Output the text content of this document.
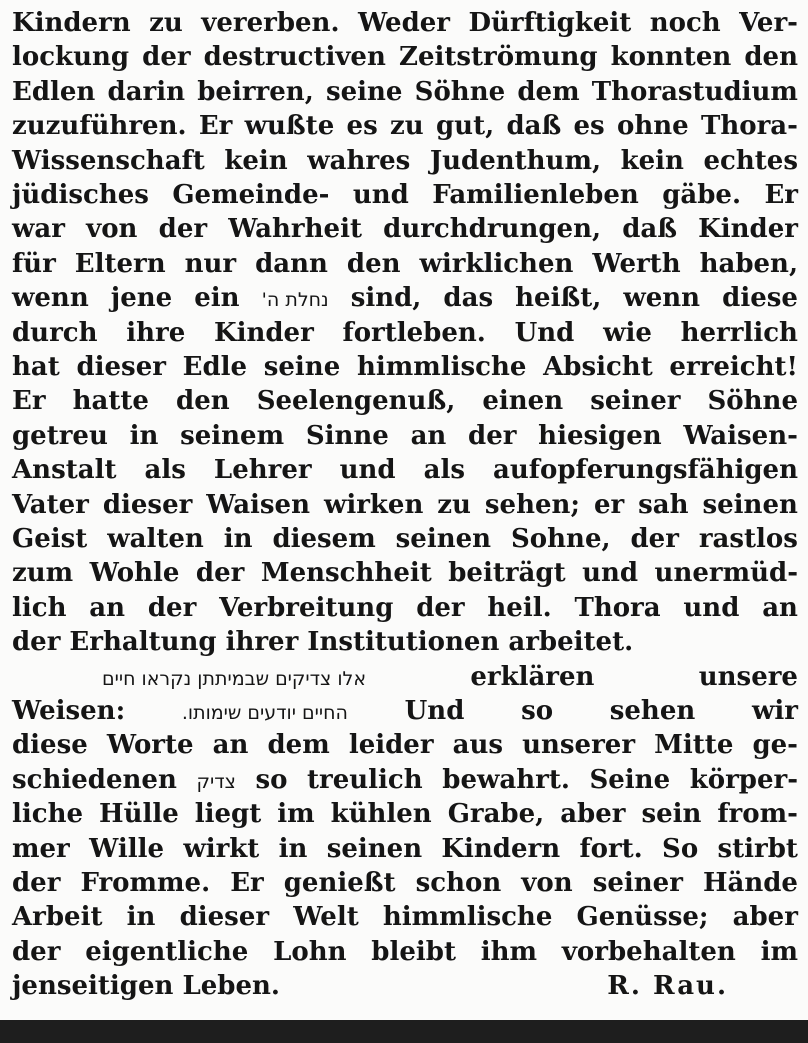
Kindern zu vererben. Weder Dürftigkeit noch Ver-
lockung der destructiven Zeitströmung konnten den
Edlen darin beirren, seine Söhne dem Thorastudium
zuzuführen. Er wußte es zu gut, daß es ohne Thora-
Wissenschaft kein wahres Judenthum, kein echtes
jüdisches Gemeinde- und Familienleben gäbe. Er
war von der Wahrheit durchdrungen, daß Kinder
für Eltern nur dann den wirklichen Werth haben,
wenn jene ein נחלת ה' sind, das heißt, wenn diese
durch ihre Kinder fortleben. Und wie herrlich
hat dieser Edle seine himmlische Absicht erreicht!
Er hatte den Seelengenuß, einen seiner Söhne
getreu in seinem Sinne an der hiesigen Waisen-
Anstalt als Lehrer und als aufopferungsfähigen
Vater dieser Waisen wirken zu sehen; er sah seinen
Geist walten in diesem seinen Sohne, der rastlos
zum Wohle der Menschheit beiträgt und unermüd-
lich an der Verbreitung der heil. Thora und an
der Erhaltung ihrer Institutionen arbeitet.
אלו צדיקים שבמיתתן נקראו חיים	erklären	unsere
Weisen:	החיים יודעים שימותו. Und so sehen wir
diese Worte an dem leider aus unserer Mitte ge-
schiedenen צדיק so treulich bewahrt. Seine körper-
liche Hülle liegt im kühlen Grabe, aber sein from-
mer Wille wirkt in seinen Kindern fort. So stirbt
der Fromme. Er genießt schon von seiner Hände
Arbeit in dieser Welt himmlische Genüsse; aber
der eigentliche Lohn bleibt ihm vorbehalten im
jenseitigen Leben.	R. Rau.
